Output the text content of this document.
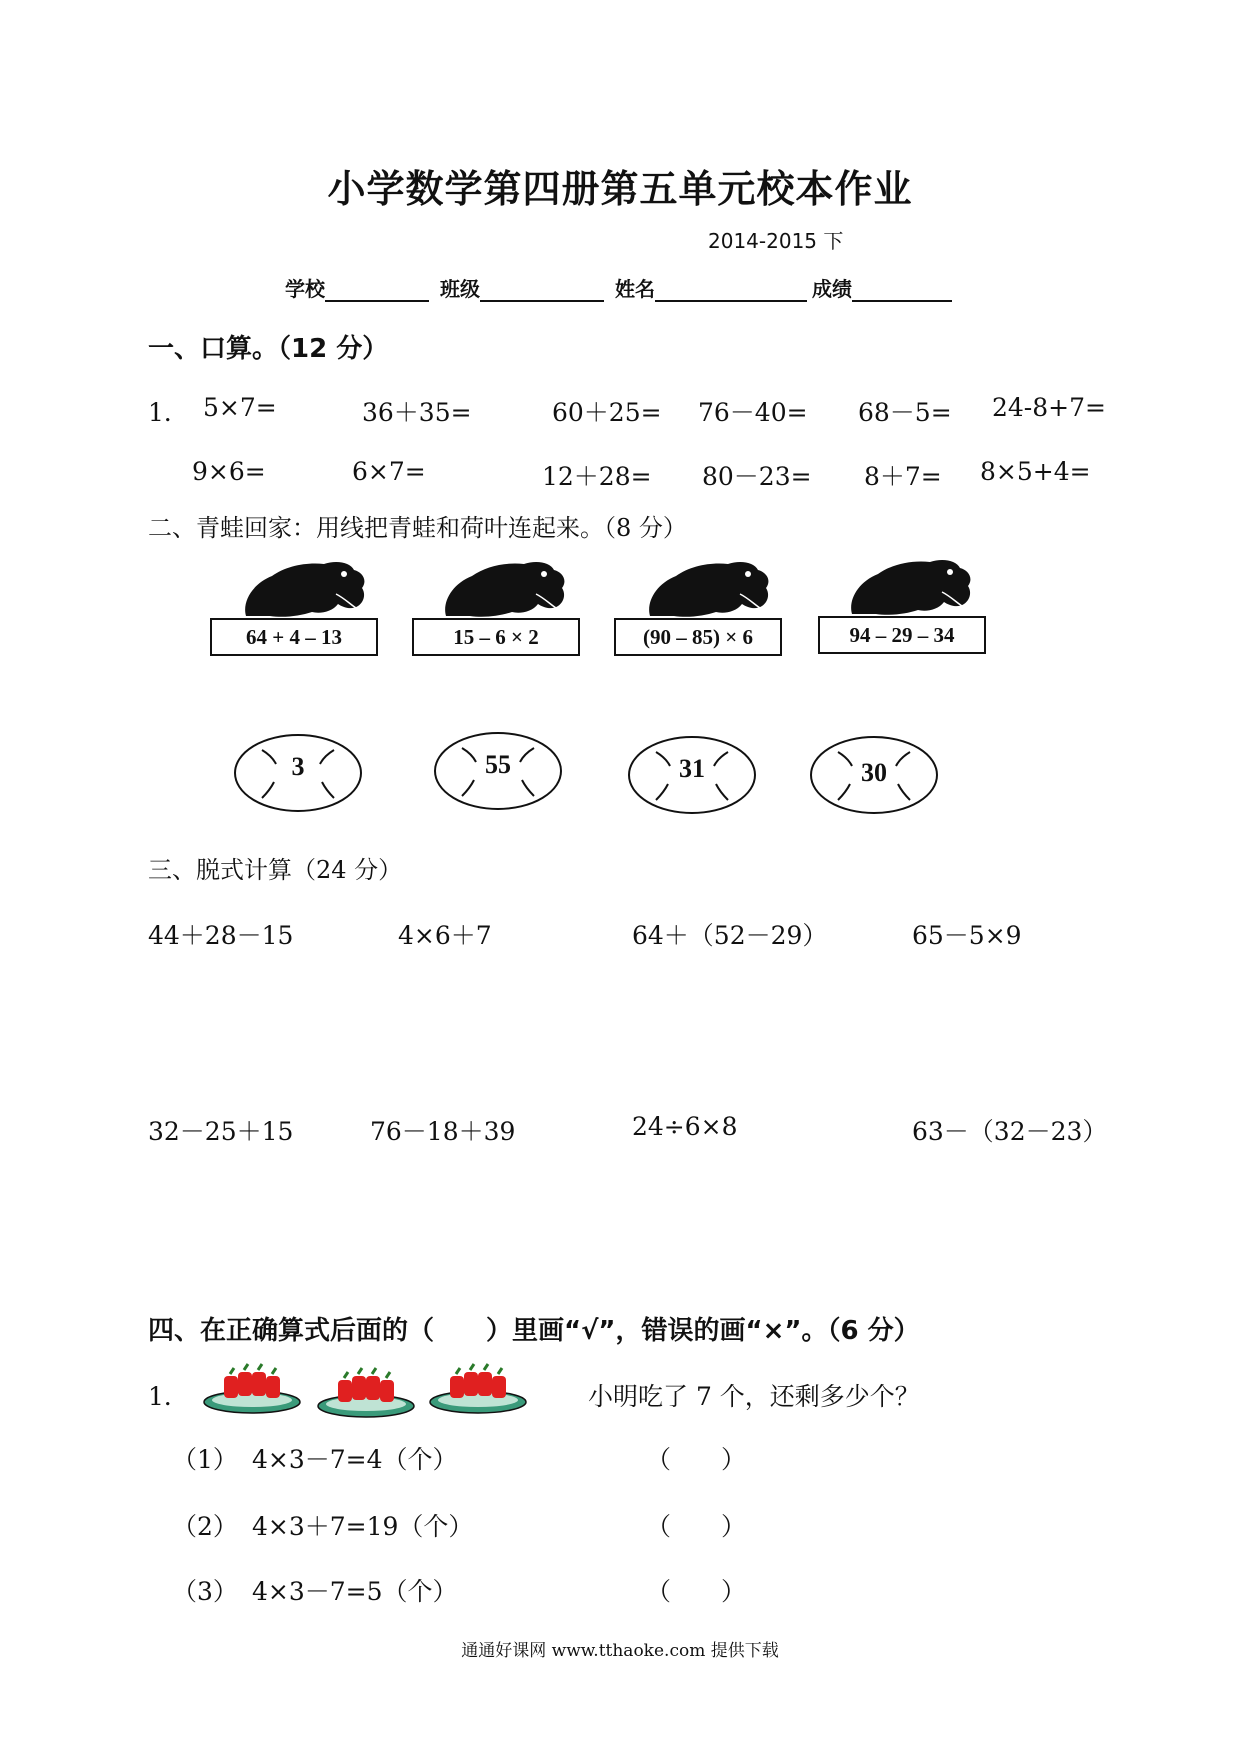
小学数学第四册第五单元校本作业
2014-2015 下
学校	班级	姓名	成绩
一、口算。（12 分）
1． 5×7=	36＋35=	60＋25= 76－40= 68－5= 24-8+7=
9×6=	6×7=	12＋28= 80－23= 8＋7= 8×5+4=
二、青蛙回家：用线把青蛙和荷叶连起来。（8 分）
64 + 4 – 13	15 – 6 × 2	(90 – 85) × 6	94 – 29 – 34
3	55	31	30
三、脱式计算（24 分）
44＋28－15	4×6＋7	64＋（52－29）	65－5×9
32－25＋15	76－18＋39	24÷6×8	63－（32－23）
四、在正确算式后面的（　　）里画“√”，错误的画“×”。（6 分）
1．	小明吃了 7 个，还剩多少个？
（1） 4×3－7=4（个）	（　　）
（2） 4×3＋7=19（个）	（　　）
（3） 4×3－7=5（个）	（　　）
通通好课网 www.tthaoke.com 提供下载
